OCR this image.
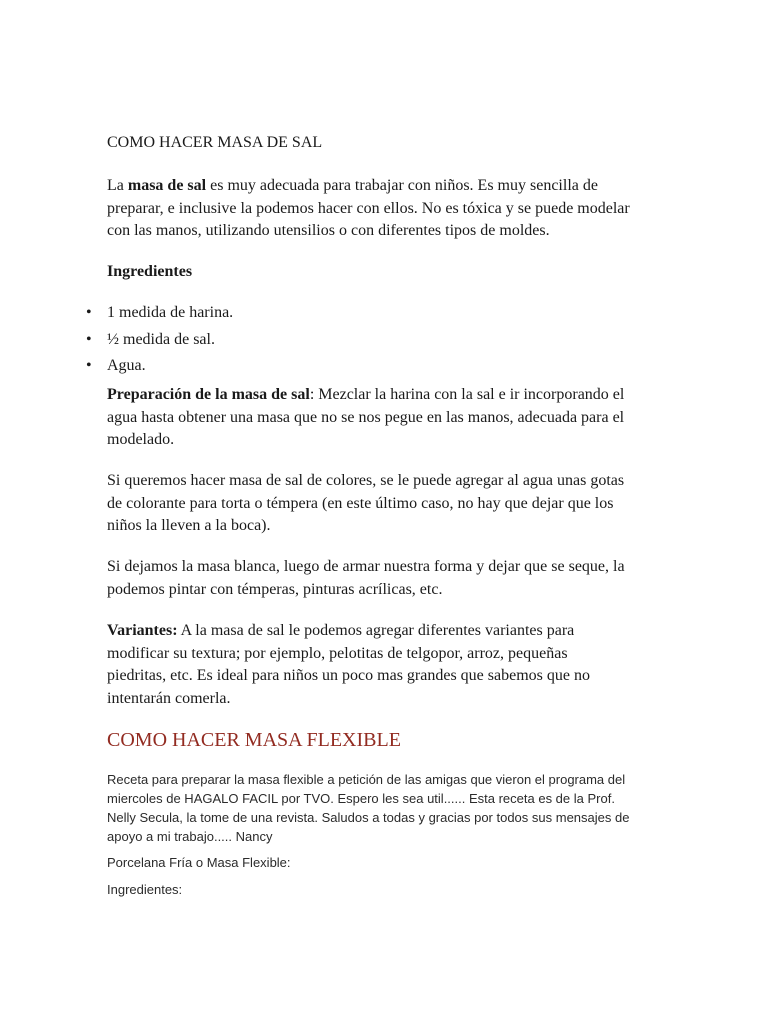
COMO HACER MASA DE SAL
La masa de sal es muy adecuada para trabajar con niños. Es muy sencilla de
preparar, e inclusive la podemos hacer con ellos. No es tóxica y se puede modelar
con las manos, utilizando utensilios o con diferentes tipos de moldes.
Ingredientes
• 1 medida de harina.
• ½ medida de sal.
• Agua.
Preparación de la masa de sal: Mezclar la harina con la sal e ir incorporando el
agua hasta obtener una masa que no se nos pegue en las manos, adecuada para el
modelado.
Si queremos hacer masa de sal de colores, se le puede agregar al agua unas gotas
de colorante para torta o témpera (en este último caso, no hay que dejar que los
niños la lleven a la boca).
Si dejamos la masa blanca, luego de armar nuestra forma y dejar que se seque, la
podemos pintar con témperas, pinturas acrílicas, etc.
Variantes: A la masa de sal le podemos agregar diferentes variantes para
modificar su textura; por ejemplo, pelotitas de telgopor, arroz, pequeñas
piedritas, etc. Es ideal para niños un poco mas grandes que sabemos que no
intentarán comerla.
COMO HACER MASA FLEXIBLE
Receta para preparar la masa flexible a petición de las amigas que vieron el programa del
miercoles de HAGALO FACIL por TVO. Espero les sea util...... Esta receta es de la Prof.
Nelly Secula, la tome de una revista. Saludos a todas y gracias por todos sus mensajes de
apoyo a mi trabajo..... Nancy
Porcelana Fría o Masa Flexible:
Ingredientes:
